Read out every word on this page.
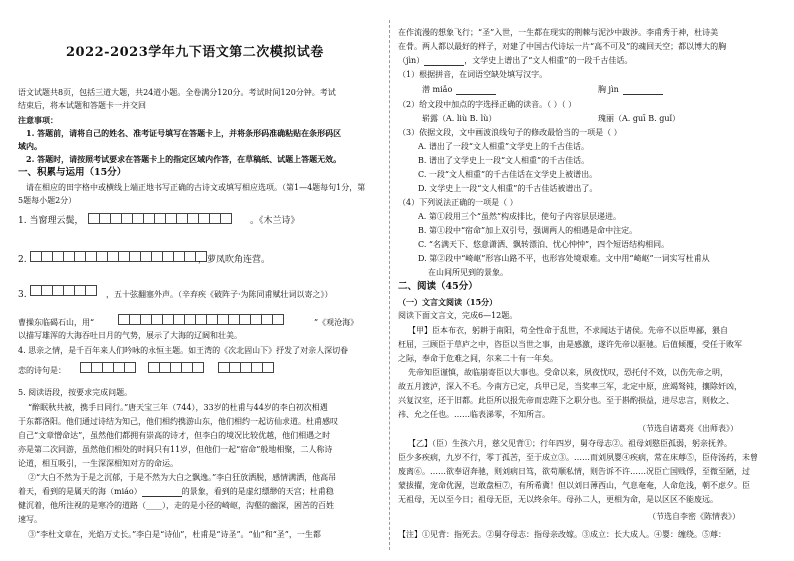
2022-2023学年九下语文第二次模拟试卷
语文试题共8页，包括三道大题，共24道小题。全卷满分120分。考试时间120分钟。考试
结束后，将本试题和答题卡一并交回
注意事项：
1. 答题前，请将自己的姓名、准考证号填写在答题卡上，并将条形码准确粘贴在条形码区
域内。
2. 答题时，请按照考试要求在答题卡上的指定区域内作答，在草稿纸、试题上答题无效。
一、积累与运用（15分）
请在相应的田字格中或横线上端正地书写正确的古诗文或填写相应选项。（第1—4题每句1分，第
5题每小题2分）
1. 当窗理云鬓，	。《木兰诗》
2.	，萝凤吹角连营。
3.	，五十弦翻塞外声。（辛弃疾《破阵子·为陈同甫赋壮词以寄之》）
曹操东临碣石山，用“	”《观沧海》
以描写雄浑的大海吞吐日月的气势，展示了大海的辽阔和壮美。
4. 思亲之情，是千百年来人们吟咏的永恒主题。如王湾的《次北固山下》抒发了对亲人深切眷
恋的诗句是：
5. 阅读语段，按要求完成问题。
“醉眠秋共被，携手日同行。”唐天宝三年（744），33岁的杜甫与44岁的李白初次相遇
于东都洛阳。他们通过诗结为知己，他们相约携游山东，他们相约一起访仙求道。杜甫感叹
自己“文章憎命达”，虽然他们都拥有崇高的诗才，但李白的境况比较优越，他们相遇之时
亦是第二次同游，虽然他们相处的时间只有11岁，但他们一起“宿命”般地相聚，二人称诗
论道，相互吸引，一生深深相知对方的命运。
②“大白不然为于是之沉郁，于是不然为大白之飘逸。”李白狂放洒脱，感情满洒，他高吊
着天，看到的是属天的海（miáo）	的景象，看到的是虚幻缥缈的天宫；杜甫稳
健沉着，他所注视的是寒冷的道路（____），走的是小径的崎岖，沟壑的幽深，困苦的百姓
速写。
③“李杜文章在，光焰万丈长。”李白是“诗仙”，杜甫是“诗圣”。“仙”和“圣”，一生都
在作流漫的想象飞行；“圣”入世，一生都在现实的荆棘与泥沙中跋涉。李甫秀于神，杜诗美
在骨。两人都以最好的样子，对建了中国古代诗坛一片“高不可及”的魂回天空；都以博大的胸
（jìn）	，文学史上谱出了“文人相重”的一段千古佳话。
（1）根据拼音，在词语空缺处填写汉字。
潜 miǎo	胸 jìn
（2）给文段中加点的字选择正确的读音。（ ）（ ）
崭露（A. liù B. lù）	瑰丽（A. guī B. guǐ）
（3）依据文段，文中画波浪线句子的修改最恰当的一项是（ ）
A. 谱出了一段“文人相重”文学史上的千古佳话。
B. 谱出了文学史上一段“文人相重”的千古佳话。
C. 一段“文人相重”的千古佳话在文学史上被谱出。
D. 文学史上一段“文人相重”的千古佳话被谱出了。
（4）下列说法正确的一项是（ ）
A. 第①段用三个“虽然”构成排比，使句子内容层层递进。
B. 第①段中“宿命”加上双引号，强调两人的相遇是命中注定。
C. “名满天下、悠意潇洒、飘转漂泊、忧心忡忡”，四个短语结构相同。
D. 第②段中“崎岖”形容山路不平，也形容处境艰难。文中用“崎岖”一词实写杜甫从
在山间所见到的景象。
二、阅读（45分）
（一）文言文阅读（15分）
阅读下面文言文，完成6—12题。
【甲】臣本布衣，躬耕于南阳，苟全性命于乱世，不求闻达于诸侯。先帝不以臣卑鄙，猥自
枉屈，三顾臣于草庐之中，咨臣以当世之事，由是感激，遂许先帝以驱驰。后值倾覆，受任于败军
之际，奉命于危难之间，尔来二十有一年矣。
先帝知臣谨慎，故临崩寄臣以大事也。受命以来，夙夜忧叹，恐托付不效，以伤先帝之明，
故五月渡泸，深入不毛。今南方已定，兵甲已足，当奖率三军，北定中原，庶竭驽钝，攘除奸凶，
兴复汉室，还于旧都。此臣所以报先帝而忠陛下之职分也。至于斟酌损益，进尽忠言，则攸之、
祎、允之任也。……临表涕零，不知所言。
（节选自诸葛亮《出师表》）
【乙】（臣）生孩六月，慈父见背①；行年四岁，舅夺母志②。祖母刘愍臣孤弱，躬亲抚养。
臣少多疾病，九岁不行，零丁孤苦，至于成立③。……而刘夙婴④疾病，常在床蓐⑤，臣侍汤药，未曾
废离⑥。……欲奉诏奔驰，则刘病日笃，欲苟顺私情，则告诉不许……况臣亡国贱俘，至微至陋，过
蒙拔擢，宠命优渥，岂敢盘桓⑦，有所希冀！但以刘日薄西山，气息奄奄，人命危浅，朝不虑夕。臣
无祖母，无以至今日；祖母无臣，无以终余年。母孙二人，更相为命，是以区区不能废远。
（节选自李密《陈情表》）
【注】①见背：指死去。②舅夺母志：指母亲改嫁。③成立：长大成人。④婴：缠绕。⑤蓐：
